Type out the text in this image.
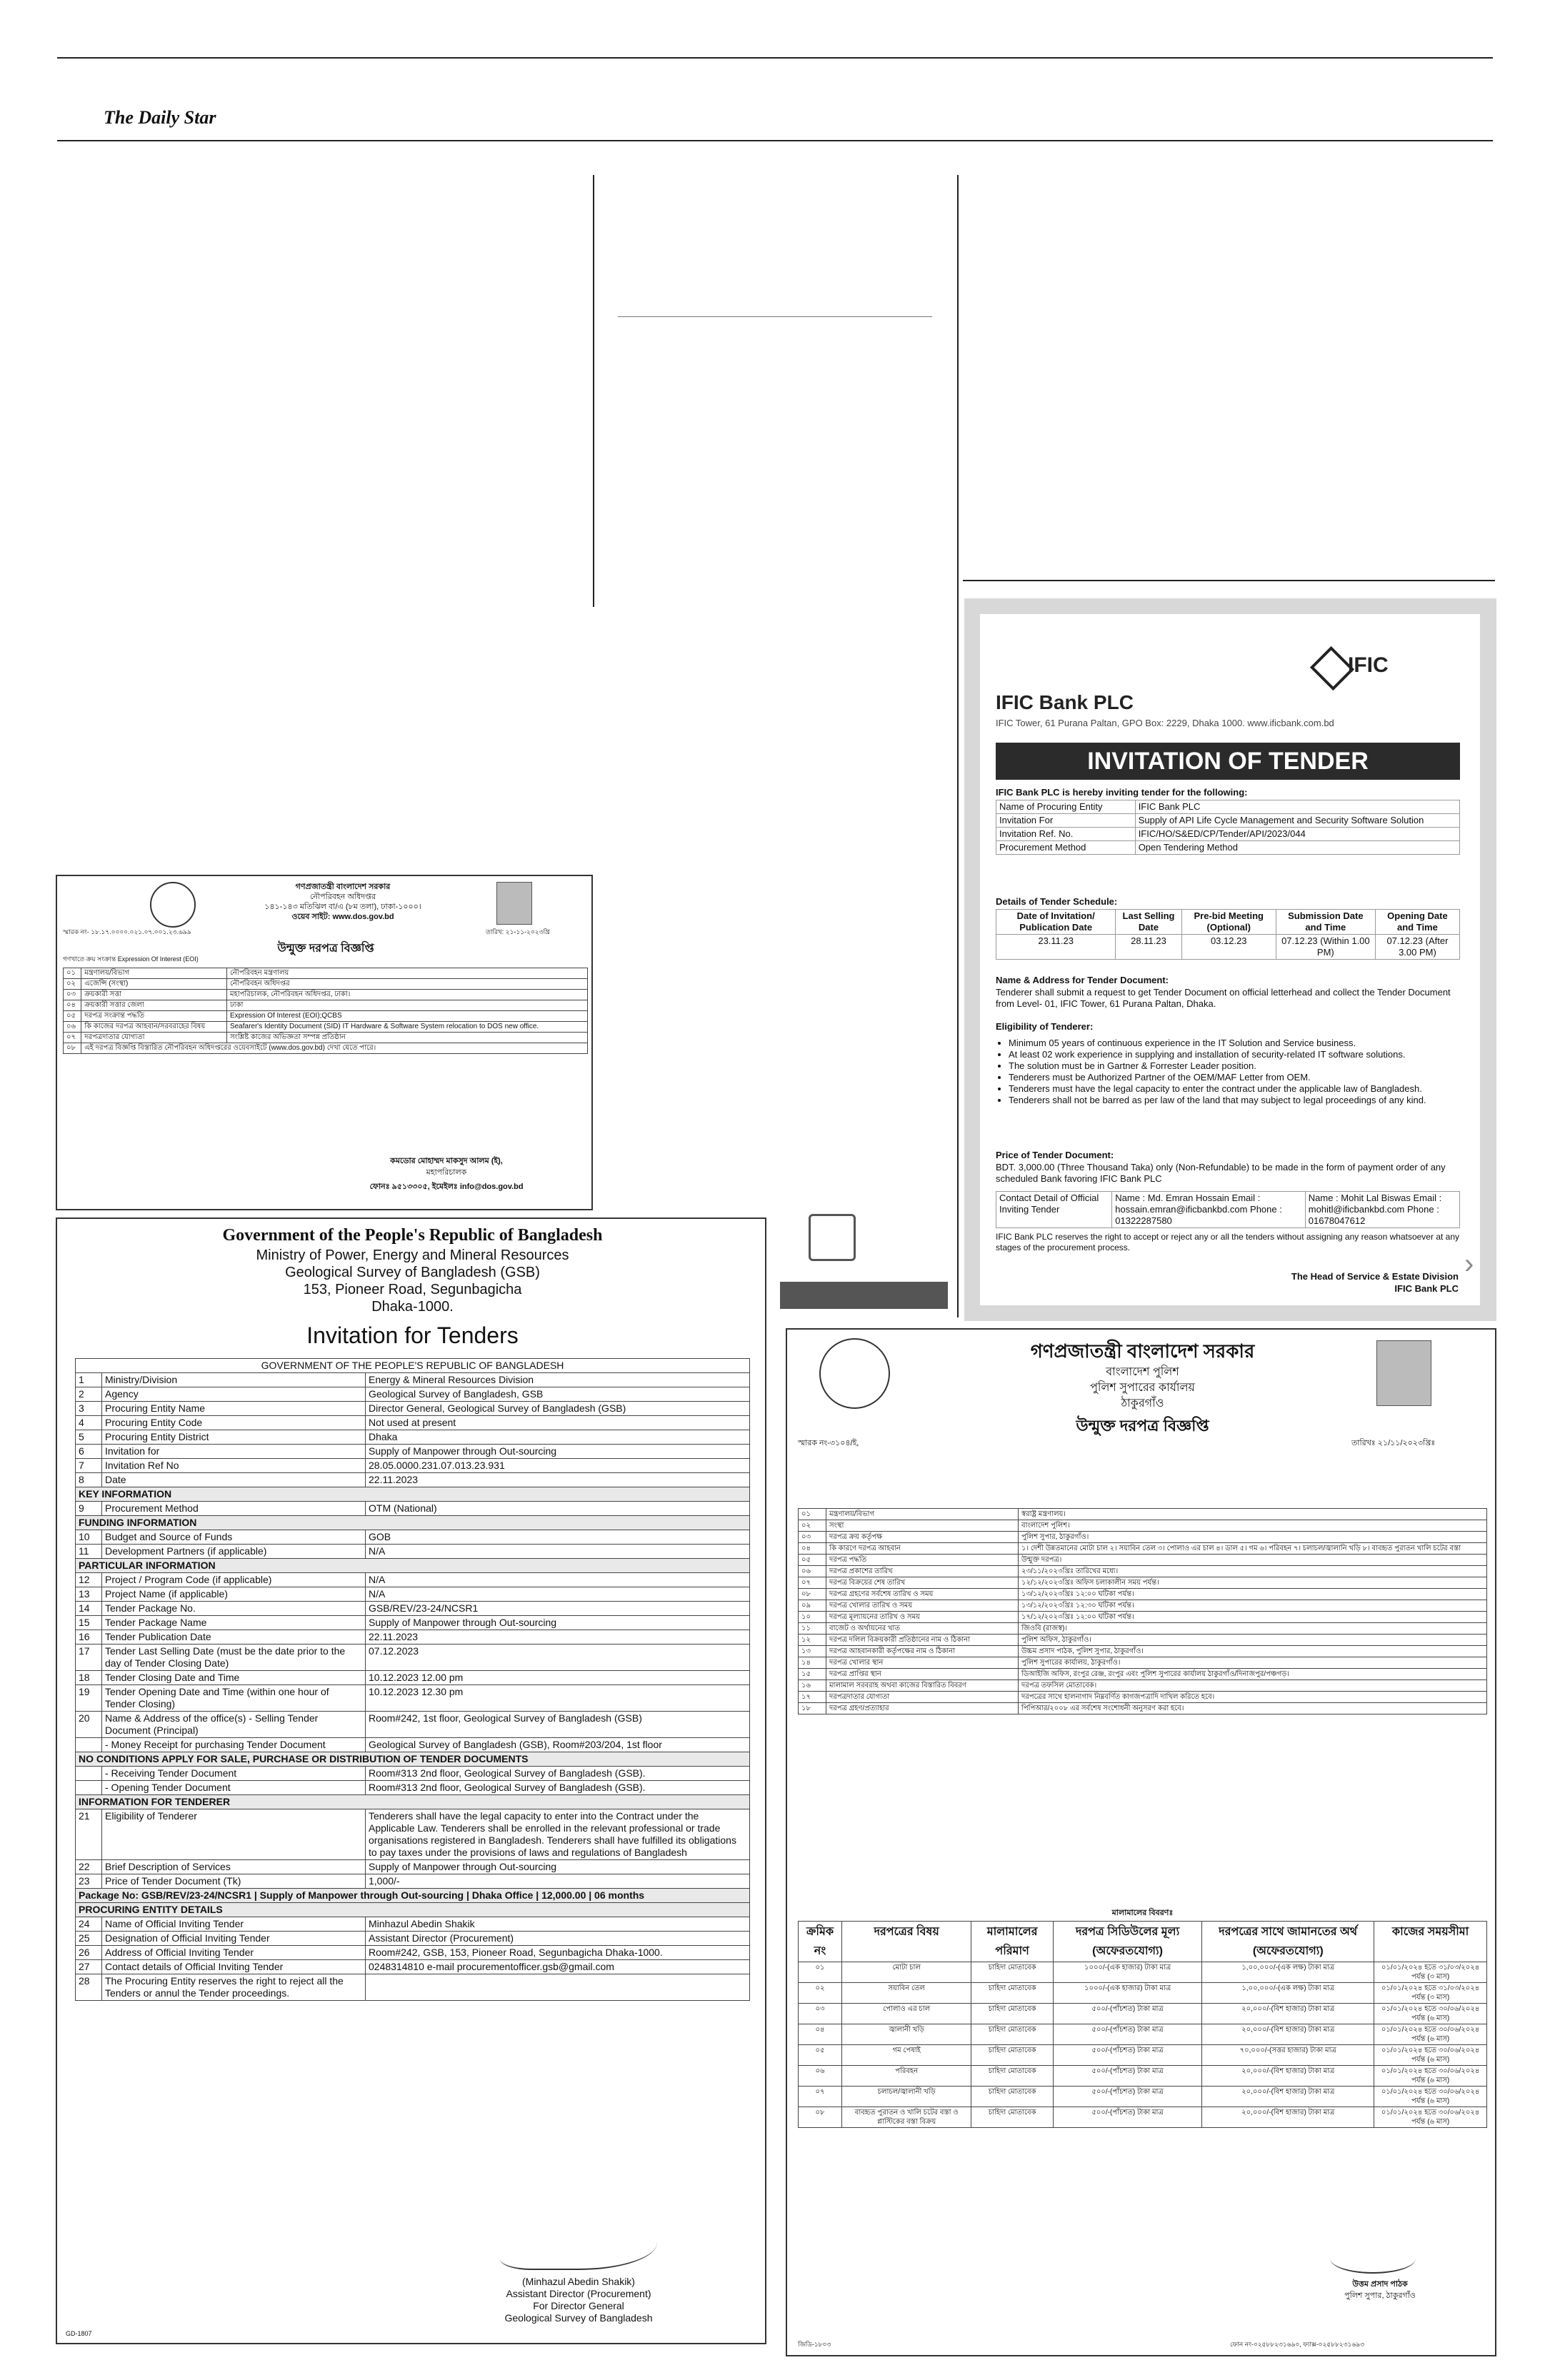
The Daily Star
গণপ্রজাতন্ত্রী বাংলাদেশ সরকার
নৌপরিবহন অধিদপ্তর
১৪১-১৪৩ মতিঝিল বা/এ (৮ম তলা), ঢাকা-১০০০।
ওয়েব সাইট: www.dos.gov.bd
স্মারক নং- ১৮.১৭.০০০০.০২১.০৭.০০১.২৩.৬৯৯	তারিখ: ২১-১১-২০২৩খ্রি
উন্মুক্ত দরপত্র বিজ্ঞপ্তি
গণখাতে ক্রয় সংক্রান্ত Expression Of Interest (EOI)
০১	মন্ত্রণালয়/বিভাগ	নৌপরিবহন মন্ত্রণালয়
০২	এজেন্সি (সংস্থা)	নৌপরিবহন অধিদপ্তর
০৩	ক্রয়কারী সত্তা	মহাপরিচালক, নৌপরিবহন অধিদপ্তর, ঢাকা।
০৪	ক্রয়কারী সত্তার জেলা	ঢাকা
০৫	দরপত্র সংক্রান্ত পদ্ধতি	Expression Of Interest (EOI);QCBS
০৬	কি কাজের দরপত্র আহবান/সরবরাহের বিষয়	Seafarer's Identity Document (SID) IT Hardware & Software System relocation to DOS new office.
০৭	দরপত্রদাতার যোগ্যতা	সংশ্লিষ্ট কাজের অভিজ্ঞতা সম্পন্ন প্রতিষ্ঠান
০৮	এই দরপত্র বিজ্ঞপ্তি বিস্তারিত নৌপরিবহন অধিদপ্তরের ওয়েবসাইটে (www.dos.gov.bd) দেখা যেতে পারে।	
কমডোর মোহাম্মদ মাকসুদ আলম (ই),
মহাপরিচালক
ফোনঃ ৯৫১৩৩০৫, ইমেইলঃ info@dos.gov.bd
Government of the People's Republic of Bangladesh
Ministry of Power, Energy and Mineral Resources
Geological Survey of Bangladesh (GSB)
153, Pioneer Road, Segunbagicha
Dhaka-1000.
Invitation for Tenders
GOVERNMENT OF THE PEOPLE'S REPUBLIC OF BANGLADESH		
1	Ministry/Division	Energy & Mineral Resources Division
2	Agency	Geological Survey of Bangladesh, GSB
3	Procuring Entity Name	Director General, Geological Survey of Bangladesh (GSB)
4	Procuring Entity Code	Not used at present
5	Procuring Entity District	Dhaka
6	Invitation for	Supply of Manpower through Out-sourcing
7	Invitation Ref No	28.05.0000.231.07.013.23.931
8	Date	22.11.2023
KEY INFORMATION		
9	Procurement Method	OTM (National)
FUNDING INFORMATION		
10	Budget and Source of Funds	GOB
11	Development Partners (if applicable)	N/A
PARTICULAR INFORMATION		
12	Project / Program Code (if applicable)	N/A
13	Project Name (if applicable)	N/A
14	Tender Package No.	GSB/REV/23-24/NCSR1
15	Tender Package Name	Supply of Manpower through Out-sourcing
16	Tender Publication Date	22.11.2023
17	Tender Last Selling Date (must be the date prior to the day of Tender Closing Date)	07.12.2023
18	Tender Closing Date and Time	10.12.2023 12.00 pm
19	Tender Opening Date and Time (within one hour of Tender Closing)	10.12.2023 12.30 pm
20	Name & Address of the office(s) - Selling Tender Document (Principal)	Room#242, 1st floor, Geological Survey of Bangladesh (GSB)
	- Money Receipt for purchasing Tender Document	Geological Survey of Bangladesh (GSB), Room#203/204, 1st floor
NO CONDITIONS APPLY FOR SALE, PURCHASE OR DISTRIBUTION OF TENDER DOCUMENTS		
	- Receiving Tender Document	Room#313 2nd floor, Geological Survey of Bangladesh (GSB).
	- Opening Tender Document	Room#313 2nd floor, Geological Survey of Bangladesh (GSB).
INFORMATION FOR TENDERER		
21	Eligibility of Tenderer	Tenderers shall have the legal capacity to enter into the Contract under the Applicable Law. Tenderers shall be enrolled in the relevant professional or trade organisations registered in Bangladesh. Tenderers shall have fulfilled its obligations to pay taxes under the provisions of laws and regulations of Bangladesh
22	Brief Description of Services	Supply of Manpower through Out-sourcing
23	Price of Tender Document (Tk)	1,000/-
Package No: GSB/REV/23-24/NCSR1 | Supply of Manpower through Out-sourcing | Dhaka Office | 12,000.00 | 06 months		
PROCURING ENTITY DETAILS		
24	Name of Official Inviting Tender	Minhazul Abedin Shakik
25	Designation of Official Inviting Tender	Assistant Director (Procurement)
26	Address of Official Inviting Tender	Room#242, GSB, 153, Pioneer Road, Segunbagicha Dhaka-1000.
27	Contact details of Official Inviting Tender	0248314810 e-mail procurementofficer.gsb@gmail.com
28	The Procuring Entity reserves the right to reject all the Tenders or annul the Tender proceedings.	
(Minhazul Abedin Shakik)
Assistant Director (Procurement)
For Director General
Geological Survey of Bangladesh
GD-1807
IFIC
IFIC Bank PLC
IFIC Tower, 61 Purana Paltan, GPO Box: 2229, Dhaka 1000. www.ificbank.com.bd
INVITATION OF TENDER
IFIC Bank PLC is hereby inviting tender for the following:
Name of Procuring Entity	IFIC Bank PLC
Invitation For	Supply of API Life Cycle Management and Security Software Solution
Invitation Ref. No.	IFIC/HO/S&ED/CP/Tender/API/2023/044
Procurement Method	Open Tendering Method
Details of Tender Schedule:
Date of Invitation/ Publication Date	Last Selling Date	Pre-bid Meeting (Optional)	Submission Date and Time	Opening Date and Time
23.11.23	28.11.23	03.12.23	07.12.23 (Within 1.00 PM)	07.12.23 (After 3.00 PM)
Name & Address for Tender Document:
Tenderer shall submit a request to get Tender Document on official letterhead and collect the Tender Document from Level- 01, IFIC Tower, 61 Purana Paltan, Dhaka.
Eligibility of Tenderer:
• Minimum 05 years of continuous experience in the IT Solution and Service business.
• At least 02 work experience in supplying and installation of security-related IT software solutions.
• The solution must be in Gartner & Forrester Leader position.
• Tenderers must be Authorized Partner of the OEM/MAF Letter from OEM.
• Tenderers must have the legal capacity to enter the contract under the applicable law of Bangladesh.
• Tenderers shall not be barred as per law of the land that may subject to legal proceedings of any kind.
Price of Tender Document:
BDT. 3,000.00 (Three Thousand Taka) only (Non-Refundable) to be made in the form of payment order of any scheduled Bank favoring IFIC Bank PLC
Contact Detail of Official Inviting Tender	Name : Md. Emran Hossain Email : hossain.emran@ificbankbd.com Phone : 01322287580	Name : Mohit Lal Biswas Email : mohitl@ificbankbd.com Phone : 01678047612
IFIC Bank PLC reserves the right to accept or reject any or all the tenders without assigning any reason whatsoever at any stages of the procurement process.
The Head of Service & Estate Division
IFIC Bank PLC
›
গণপ্রজাতন্ত্রী বাংলাদেশ সরকার
বাংলাদেশ পুলিশ
পুলিশ সুপারের কার্যালয়
ঠাকুরগাঁও
উন্মুক্ত দরপত্র বিজ্ঞপ্তি
স্মারক নং-৩১০৪/ই,	তারিখঃ ২১/১১/২০২৩খ্রিঃ
০১	মন্ত্রণালয়/বিভাগ	স্বরাষ্ট্র মন্ত্রণালয়।
০২	সংস্থা	বাংলাদেশ পুলিশ।
০৩	দরপত্র ক্রয় কর্তৃপক্ষ	পুলিশ সুপার, ঠাকুরগাঁও।
০৪	কি কারণে দরপত্র আহবান	১। দেশী উন্নতমানের মোটা চাল ২। সয়াবিন তেল ৩। পোলাও এর চাল ৪। ডাল ৫। গম ৬। পরিবহন ৭। চলাচল/জ্বালানি খড়ি ৮। বাবহৃত পুরাতন খালি চটের বস্তা
০৫	দরপত্র পদ্ধতি	উন্মুক্ত দরপত্র।
০৬	দরপত্র প্রকাশের তারিখ	২৩/১১/২০২৩খ্রিঃ তারিখের মধ্যে।
০৭	দরপত্র বিক্রয়ের শেষ তারিখ	১২/১২/২০২৩খ্রিঃ অফিস চলাকালীন সময় পর্যন্ত।
০৮	দরপত্র গ্রহণের সর্বশেষ তারিখ ও সময়	১৩/১২/২০২৩খ্রিঃ ১২:০০ ঘটিকা পর্যন্ত।
০৯	দরপত্র খোলার তারিখ ও সময়	১৩/১২/২০২৩খ্রিঃ ১২:৩০ ঘটিকা পর্যন্ত।
১০	দরপত্র মূল্যায়নের তারিখ ও সময়	১৭/১২/২০২৩খ্রিঃ ১২:০০ ঘটিকা পর্যন্ত।
১১	বাজেট ও অর্থায়নের খাত	জিওবি (রাজস্ব)।
১২	দরপত্র দলিল বিক্রয়কারী প্রতিষ্ঠানের নাম ও ঠিকানা	পুলিশ অফিস, ঠাকুরগাঁও।
১৩	দরপত্র আহবানকারী কর্তৃপক্ষের নাম ও ঠিকানা	উচ্চম প্রসাদ পাঠক, পুলিশ সুপার, ঠাকুরগাঁও।
১৪	দরপত্র খোলার স্থান	পুলিশ সুপারের কার্যালয়, ঠাকুরগাঁও।
১৫	দরপত্র প্রাপ্তির স্থান	ডিআইজি অফিস, রংপুর রেঞ্জ, রংপুর এবং পুলিশ সুপারের কার্যালয় ঠাকুরগাঁও/দিনাজপুর/পঞ্চগড়।
১৬	মালামাল সরবরাহ অথবা কাজের বিস্তারিত বিবরণ	দরপত্র তফসিল মোতাবেক।
১৭	দরপত্রদাতার যোগ্যতা	দরপত্রের সাথে হালনাগাদ নিম্নবর্ণিত কাগজপত্রাদি দাখিল করিতে হবে।
১৮	দরপত্র গ্রহণ/প্রত্যাহার	পিপিআর/২০০৮ এর সর্বশেষ সংশোধনী অনুসরণ করা হবে।
মালামালের বিবরণঃ
ক্রমিক নং	দরপত্রের বিষয়	মালামালের পরিমাণ	দরপত্র সিডিউলের মূল্য (অফেরতযোগ্য)	দরপত্রের সাথে জামানতের অর্থ (অফেরতযোগ্য)	কাজের সময়সীমা
০১	মোটা চাল	চাহিদা মোতাবেক	১০০০/-(এক হাজার) টাকা মাত্র	১,০০,০০০/-(এক লক্ষ) টাকা মাত্র	০১/০১/২০২৪ হতে ৩১/০৩/২০২৪ পর্যন্ত (৩ মাস)
০২	সয়াবিন তেল	চাহিদা মোতাবেক	১০০০/-(এক হাজার) টাকা মাত্র	১,০০,০০০/-(এক লক্ষ) টাকা মাত্র	০১/০১/২০২৪ হতে ৩১/০৩/২০২৪ পর্যন্ত (৩ মাস)
০৩	পোলাও এর চাল	চাহিদা মোতাবেক	৫০০/-(পাঁচশত) টাকা মাত্র	২০,০০০/-(বিশ হাজার) টাকা মাত্র	০১/০১/২০২৪ হতে ৩০/০৬/২০২৪ পর্যন্ত (৬ মাস)
০৪	জ্বালানী খড়ি	চাহিদা মোতাবেক	৫০০/-(পাঁচশত) টাকা মাত্র	২০,০০০/-(বিশ হাজার) টাকা মাত্র	০১/০১/২০২৪ হতে ৩০/০৬/২০২৪ পর্যন্ত (৬ মাস)
০৫	গম পেষাই	চাহিদা মোতাবেক	৫০০/-(পাঁচশত) টাকা মাত্র	৭০,০০০/-(সত্তর হাজার) টাকা মাত্র	০১/০১/২০২৪ হতে ৩০/০৬/২০২৪ পর্যন্ত (৬ মাস)
০৬	পরিবহন	চাহিদা মোতাবেক	৫০০/-(পাঁচশত) টাকা মাত্র	২০,০০০/-(বিশ হাজার) টাকা মাত্র	০১/০১/২০২৪ হতে ৩০/০৬/২০২৪ পর্যন্ত (৬ মাস)
০৭	চলাচল/জ্বালানী খড়ি	চাহিদা মোতাবেক	৫০০/-(পাঁচশত) টাকা মাত্র	২০,০০০/-(বিশ হাজার) টাকা মাত্র	০১/০১/২০২৪ হতে ৩০/০৬/২০২৪ পর্যন্ত (৬ মাস)
০৮	বাবহৃত পুরাতন ও খালি চটের বস্তা ও প্লাস্টিকের বস্তা বিক্রয়	চাহিদা মোতাবেক	৫০০/-(পাঁচশত) টাকা মাত্র	২০,০০০/-(বিশ হাজার) টাকা মাত্র	০১/০১/২০২৪ হতে ৩০/০৬/২০২৪ পর্যন্ত (৬ মাস)
উত্তম প্রসাদ পাঠক
পুলিশ সুপার, ঠাকুরগাঁও
জিডি-১৮০৩	ফোন নং-০২৫৮৮২৩১৬৯০, ফ্যাক্স-০২৫৮৮২৩১৬৯৩
